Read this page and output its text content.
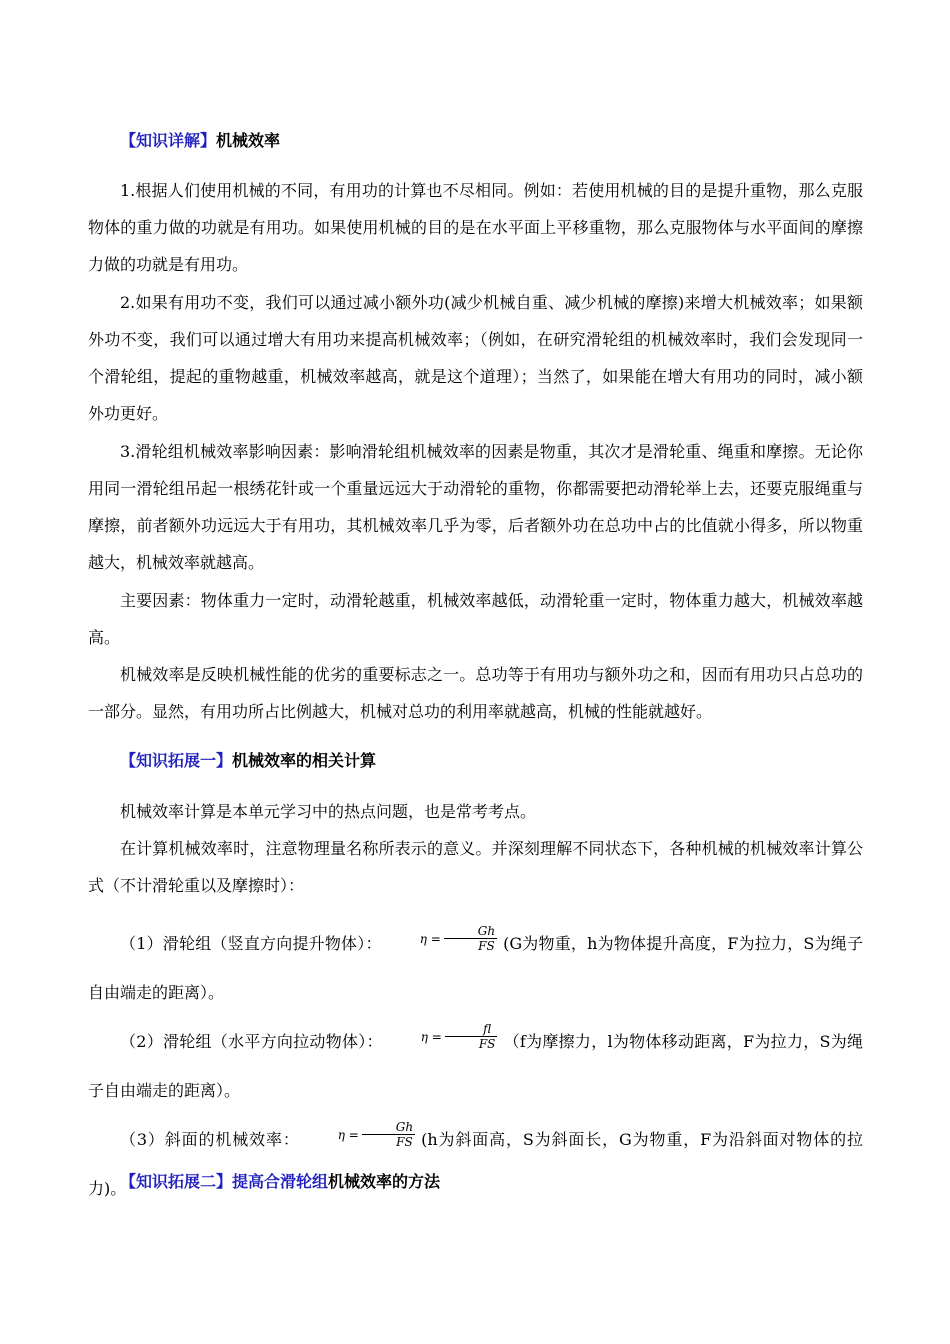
【知识详解】机械效率
1.根据人们使用机械的不同，有用功的计算也不尽相同。例如：若使用机械的目的是提升重物，那么克服物体的重力做的功就是有用功。如果使用机械的目的是在水平面上平移重物，那么克服物体与水平面间的摩擦力做的功就是有用功。
2.如果有用功不变，我们可以通过减小额外功(减少机械自重、减少机械的摩擦)来增大机械效率；如果额外功不变，我们可以通过增大有用功来提高机械效率；（例如，在研究滑轮组的机械效率时，我们会发现同一个滑轮组，提起的重物越重，机械效率越高，就是这个道理）；当然了，如果能在增大有用功的同时，减小额外功更好。
3.滑轮组机械效率影响因素：影响滑轮组机械效率的因素是物重，其次才是滑轮重、绳重和摩擦。无论你用同一滑轮组吊起一根绣花针或一个重量远远大于动滑轮的重物，你都需要把动滑轮举上去，还要克服绳重与摩擦，前者额外功远远大于有用功，其机械效率几乎为零，后者额外功在总功中占的比值就小得多，所以物重越大，机械效率就越高。
主要因素：物体重力一定时，动滑轮越重，机械效率越低，动滑轮重一定时，物体重力越大，机械效率越高。
机械效率是反映机械性能的优劣的重要标志之一。总功等于有用功与额外功之和，因而有用功只占总功的一部分。显然，有用功所占比例越大，机械对总功的利用率就越高，机械的性能就越好。
【知识拓展一】机械效率的相关计算
机械效率计算是本单元学习中的热点问题，也是常考考点。
在计算机械效率时，注意物理量名称所表示的意义。并深刻理解不同状态下，各种机械的机械效率计算公式（不计滑轮重以及摩擦时）：
（1）滑轮组（竖直方向提升物体）：	$\eta = \frac{Gh}{FS} (G$为物重，h为物体提升高度，F为拉力，S为绳子自由端走的距离）。
（2）滑轮组（水平方向拉动物体）：	$\eta = \frac{fl}{FS} (f$为摩擦力，l为物体移动距离，F为拉力，S为绳子自由端走的距离）。
（3）斜面的机械效率：	$\eta = \frac{Gh}{FS} (h$为斜面高，S为斜面长，G为物重，F为沿斜面对物体的拉力)。
【知识拓展二】提高合滑轮组机械效率的方法
